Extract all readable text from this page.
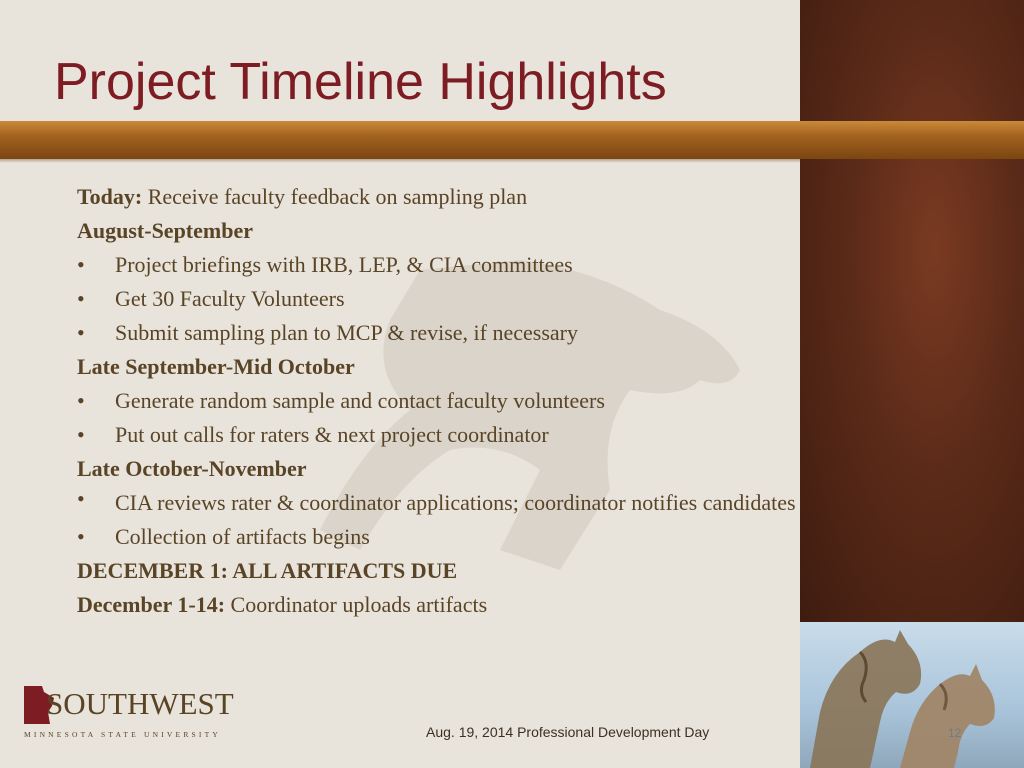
Project Timeline Highlights
Today: Receive faculty feedback on sampling plan
August-September
• Project briefings with IRB, LEP, & CIA committees
• Get 30 Faculty Volunteers
• Submit sampling plan to MCP & revise, if necessary
Late September-Mid October
• Generate random sample and contact faculty volunteers
• Put out calls for raters & next project coordinator
Late October-November
• CIA reviews rater & coordinator applications; coordinator notifies candidates
• Collection of artifacts begins
DECEMBER 1: ALL ARTIFACTS DUE
December 1-14: Coordinator uploads artifacts
SOUTHWEST
MINNESOTA STATE UNIVERSITY	Aug. 19, 2014 Professional Development Day	12
